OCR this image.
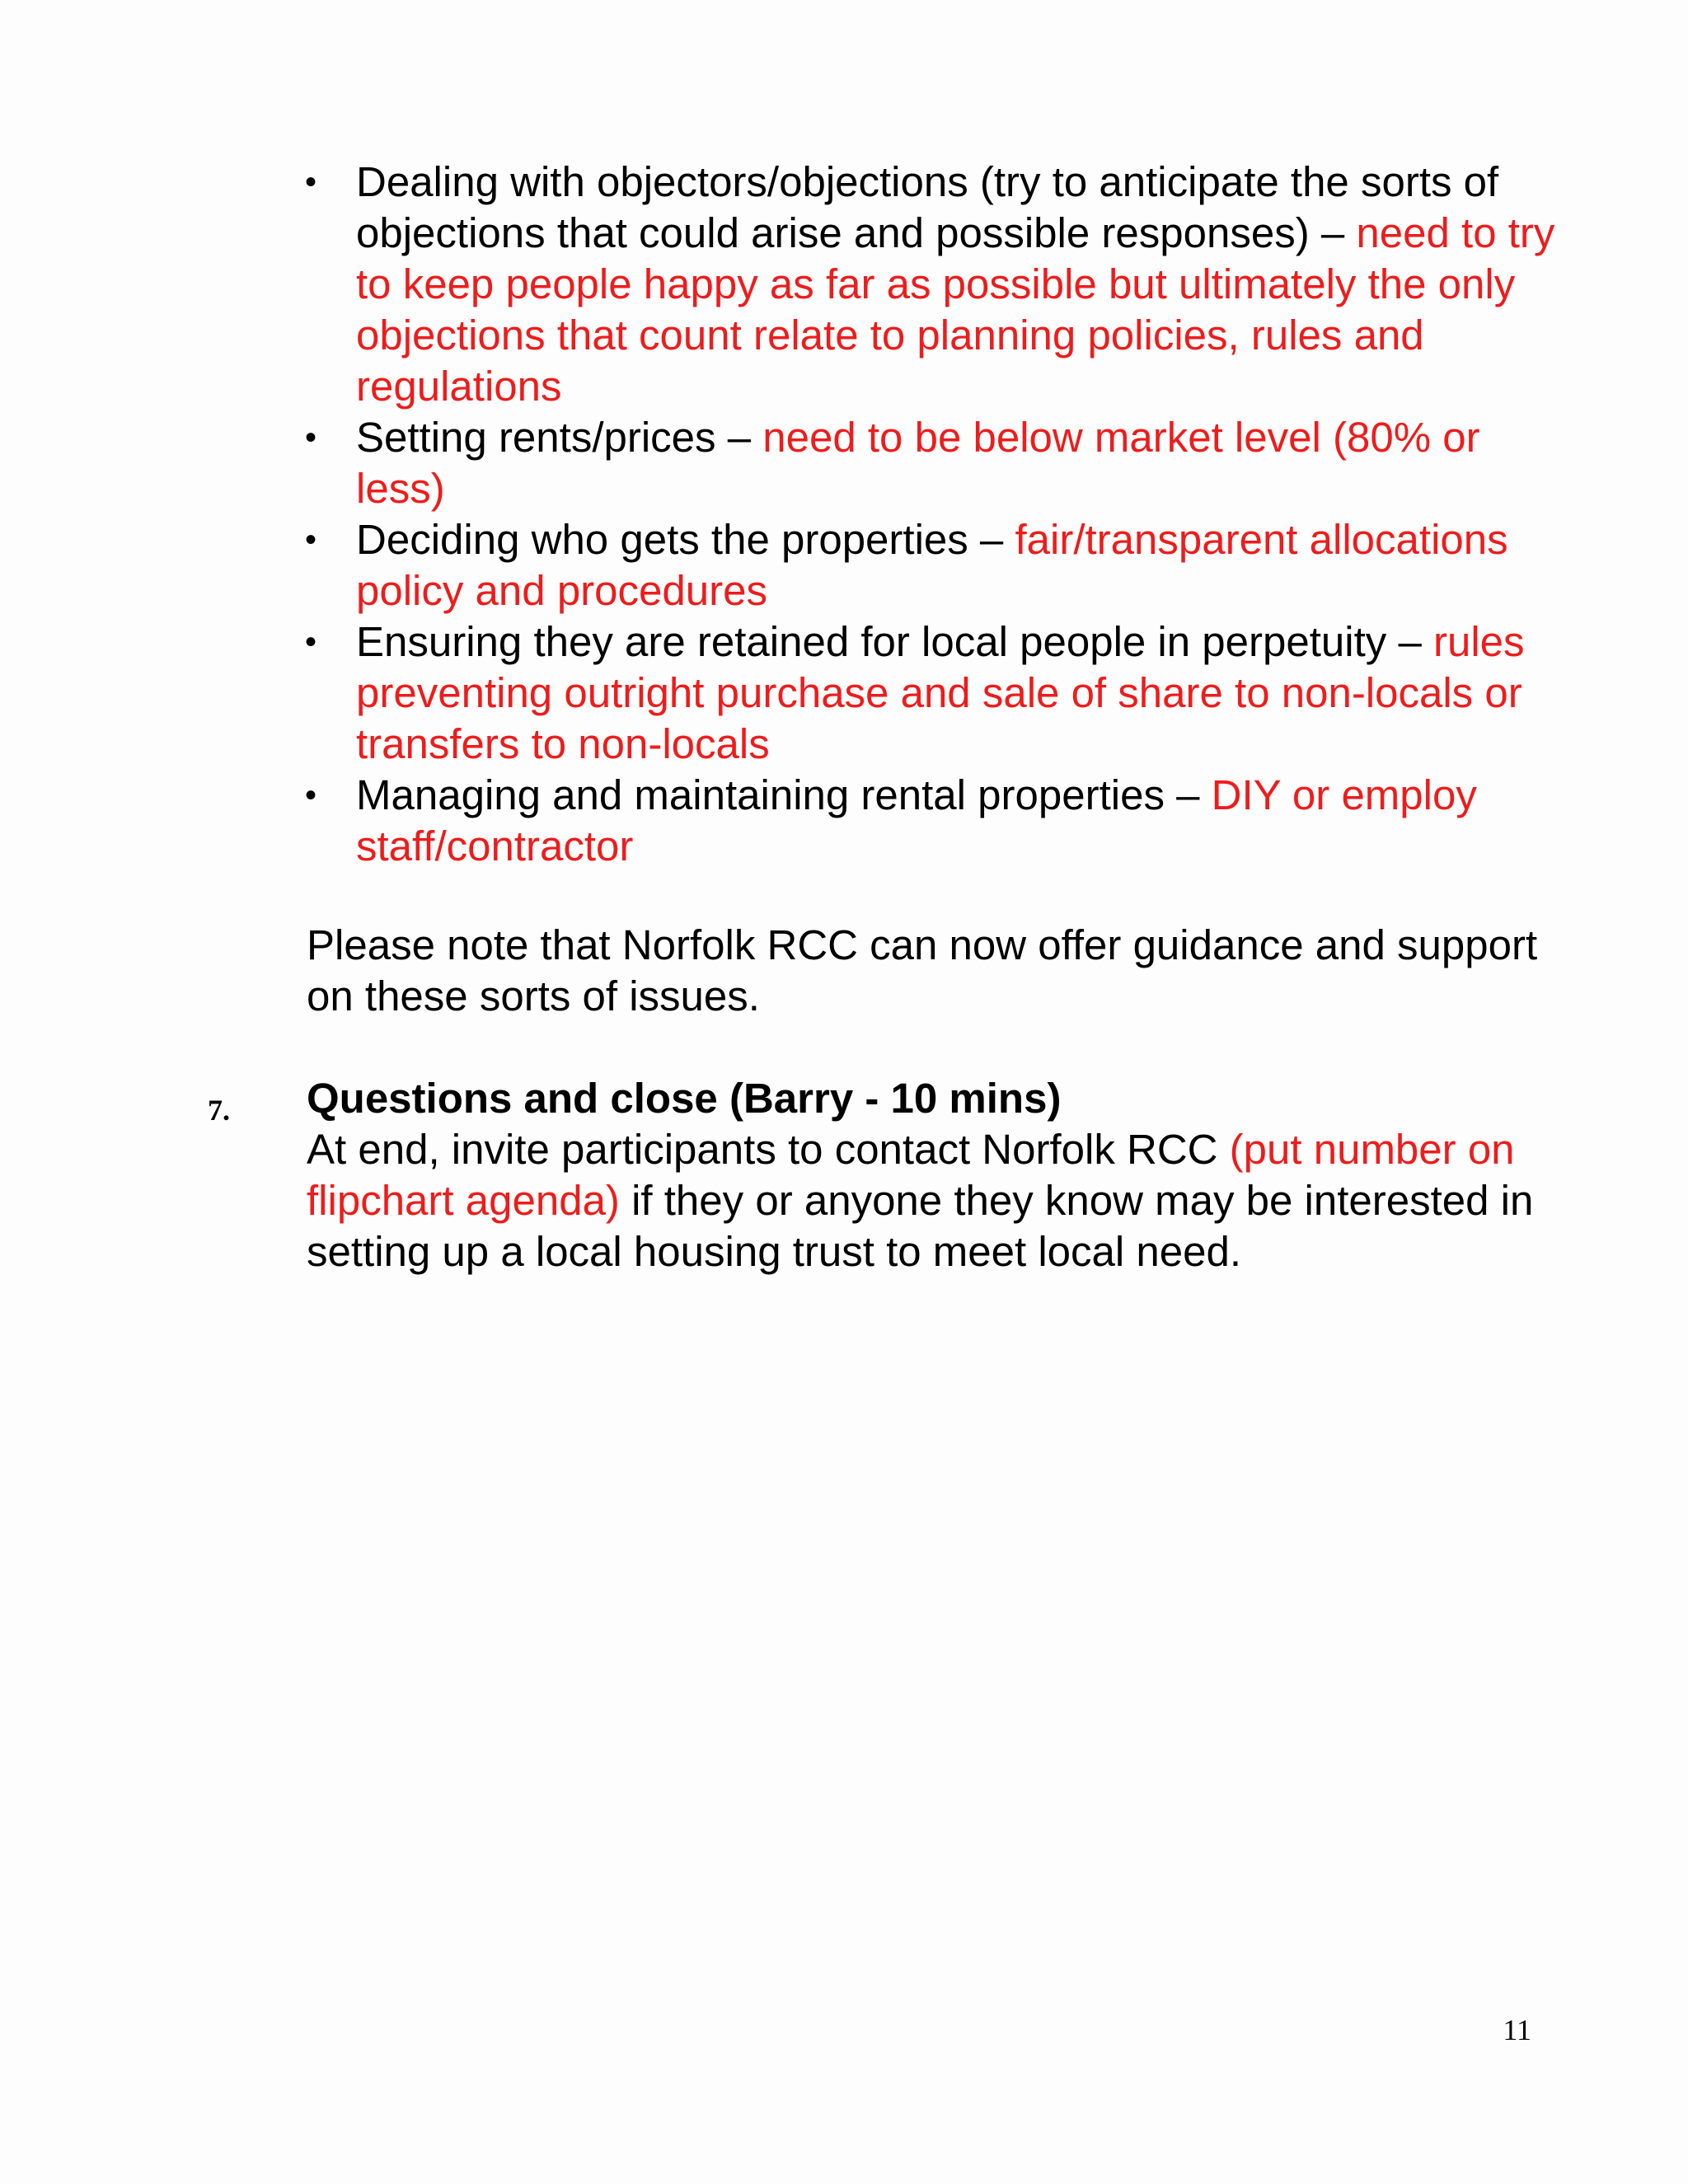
• Dealing with objectors/objections (try to anticipate the sorts of objections that could arise and possible responses) – need to try to keep people happy as far as possible but ultimately the only objections that count relate to planning policies, rules and regulations
• Setting rents/prices – need to be below market level (80% or less)
• Deciding who gets the properties – fair/transparent allocations policy and procedures
• Ensuring they are retained for local people in perpetuity – rules preventing outright purchase and sale of share to non-locals or transfers to non-locals
• Managing and maintaining rental properties – DIY or employ staff/contractor

Please note that Norfolk RCC can now offer guidance and support on these sorts of issues.

7. Questions and close (Barry - 10 mins)

At end, invite participants to contact Norfolk RCC (put number on flipchart agenda) if they or anyone they know may be interested in setting up a local housing trust to meet local need.

11
